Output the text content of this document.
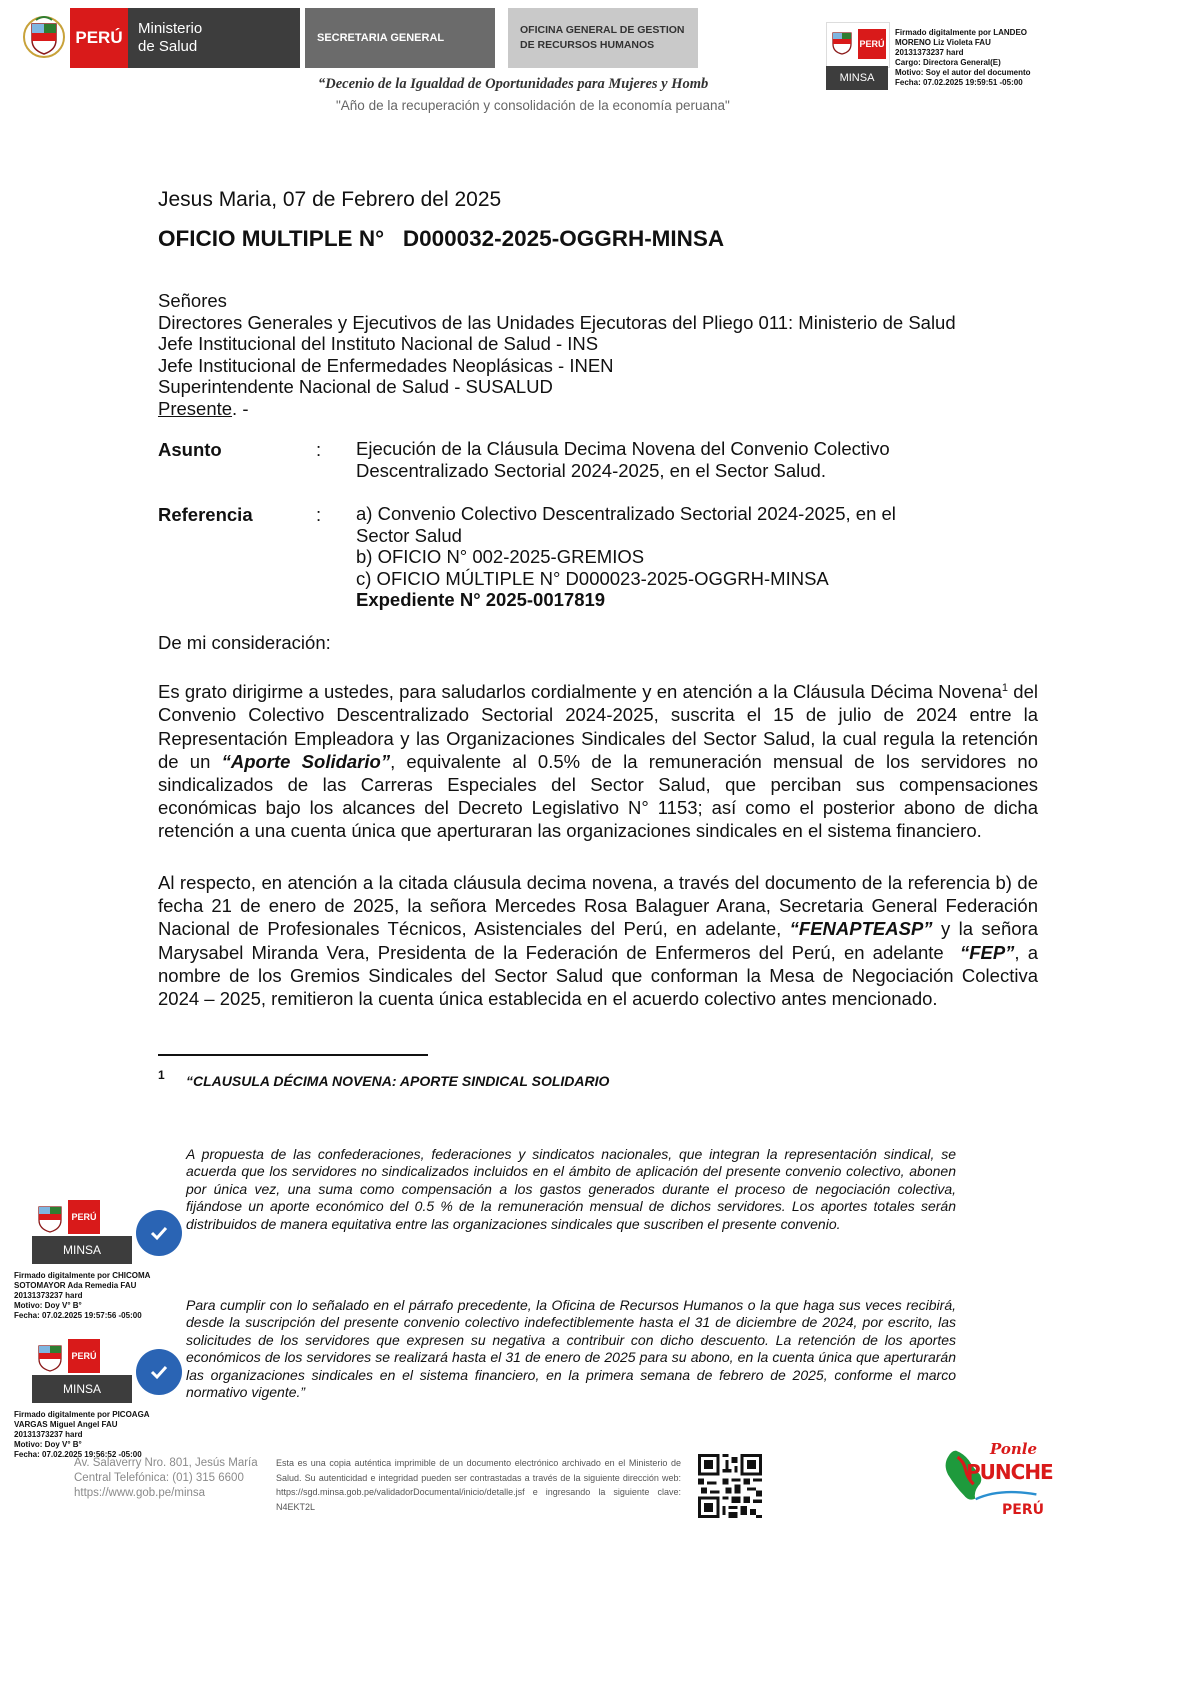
PERÚ	Ministerio
de Salud	SECRETARIA GENERAL
OFICINA GENERAL DE GESTION
DE RECURSOS HUMANOS	PERÚ
MINSA
Firmado digitalmente por LANDEO
MORENO Liz Violeta FAU
20131373237 hard
Cargo: Directora General(E)
Motivo: Soy el autor del documento
Fecha: 07.02.2025 19:59:51 -05:00
“Decenio de la Igualdad de Oportunidades para Mujeres y Homb
"Año de la recuperación y consolidación de la economía peruana"
Jesus Maria, 07 de Febrero del 2025
OFICIO MULTIPLE N°   D000032-2025-OGGRH-MINSA
Señores
Directores Generales y Ejecutivos de las Unidades Ejecutoras del Pliego 011: Ministerio de Salud
Jefe Institucional del Instituto Nacional de Salud - INS
Jefe Institucional de Enfermedades Neoplásicas - INEN
Superintendente Nacional de Salud - SUSALUD
Presente. -
Asunto	: Ejecución de la Cláusula Decima Novena del Convenio Colectivo
Descentralizado Sectorial 2024-2025, en el Sector Salud.
Referencia	: a) Convenio Colectivo Descentralizado Sectorial 2024-2025, en el
Sector Salud
b) OFICIO N° 002-2025-GREMIOS
c) OFICIO MÚLTIPLE N° D000023-2025-OGGRH-MINSA
Expediente N° 2025-0017819
De mi consideración:
Es grato dirigirme a ustedes, para saludarlos cordialmente y en atención a la Cláusula Décima Novena$^1$ del Convenio Colectivo Descentralizado Sectorial 2024-2025, suscrita el 15 de julio de 2024 entre la Representación Empleadora y las Organizaciones Sindicales del Sector Salud, la cual regula la retención de un “Aporte Solidario”, equivalente al 0.5% de la remuneración mensual de los servidores no sindicalizados de las Carreras Especiales del Sector Salud, que perciban sus compensaciones económicas bajo los alcances del Decreto Legislativo N° 1153; así como el posterior abono de dicha retención a una cuenta única que aperturaran las organizaciones sindicales en el sistema financiero.
Al respecto, en atención a la citada cláusula decima novena, a través del documento de la referencia b) de fecha 21 de enero de 2025, la señora Mercedes Rosa Balaguer Arana, Secretaria General Federación Nacional de Profesionales Técnicos, Asistenciales del Perú, en adelante, “FENAPTEASP” y la señora Marysabel Miranda Vera, Presidenta de la Federación de Enfermeros del Perú, en adelante  “FEP”, a nombre de los Gremios Sindicales del Sector Salud que conforman la Mesa de Negociación Colectiva 2024 – 2025, remitieron la cuenta única establecida en el acuerdo colectivo antes mencionado.
1 “CLAUSULA DÉCIMA NOVENA: APORTE SINDICAL SOLIDARIO
A propuesta de las confederaciones, federaciones y sindicatos nacionales, que integran la representación sindical, se acuerda que los servidores no sindicalizados incluidos en el ámbito de aplicación del presente convenio colectivo, abonen por única vez, una suma como compensación a los gastos generados durante el proceso de negociación colectiva, fijándose un aporte económico del 0.5 % de la remuneración mensual de dichos servidores. Los aportes totales serán distribuidos de manera equitativa entre las organizaciones sindicales que suscriben el presente convenio.
Para cumplir con lo señalado en el párrafo precedente, la Oficina de Recursos Humanos o la que haga sus veces recibirá, desde la suscripción del presente convenio colectivo indefectiblemente hasta el 31 de diciembre de 2024, por escrito, las solicitudes de los servidores que expresen su negativa a contribuir con dicho descuento. La retención de los aportes económicos de los servidores se realizará hasta el 31 de enero de 2025 para su abono, en la cuenta única que aperturarán las organizaciones sindicales en el sistema financiero, en la primera semana de febrero de 2025, conforme el marco normativo vigente.”
PERÚ
MINSA
Firmado digitalmente por CHICOMA
SOTOMAYOR Ada Remedia FAU
20131373237 hard
Motivo: Doy V° B°
Fecha: 07.02.2025 19:57:56 -05:00
PERÚ
MINSA
Firmado digitalmente por PICOAGA
VARGAS Miguel Angel FAU
20131373237 hard
Motivo: Doy V° B°
Fecha: 07.02.2025 19:56:52 -05:00
Av. Salaverry Nro. 801, Jesús María
Central Telefónica: (01) 315 6600
https://www.gob.pe/minsa
Esta es una copia auténtica imprimible de un documento electrónico archivado en el Ministerio de Salud. Su autenticidad e integridad pueden ser contrastadas a través de la siguiente dirección web: https://sgd.minsa.gob.pe/validadorDocumental/inicio/detalle.jsf e ingresando la siguiente clave: N4EKT2L
Ponle
PUNCHE
PERÚ
